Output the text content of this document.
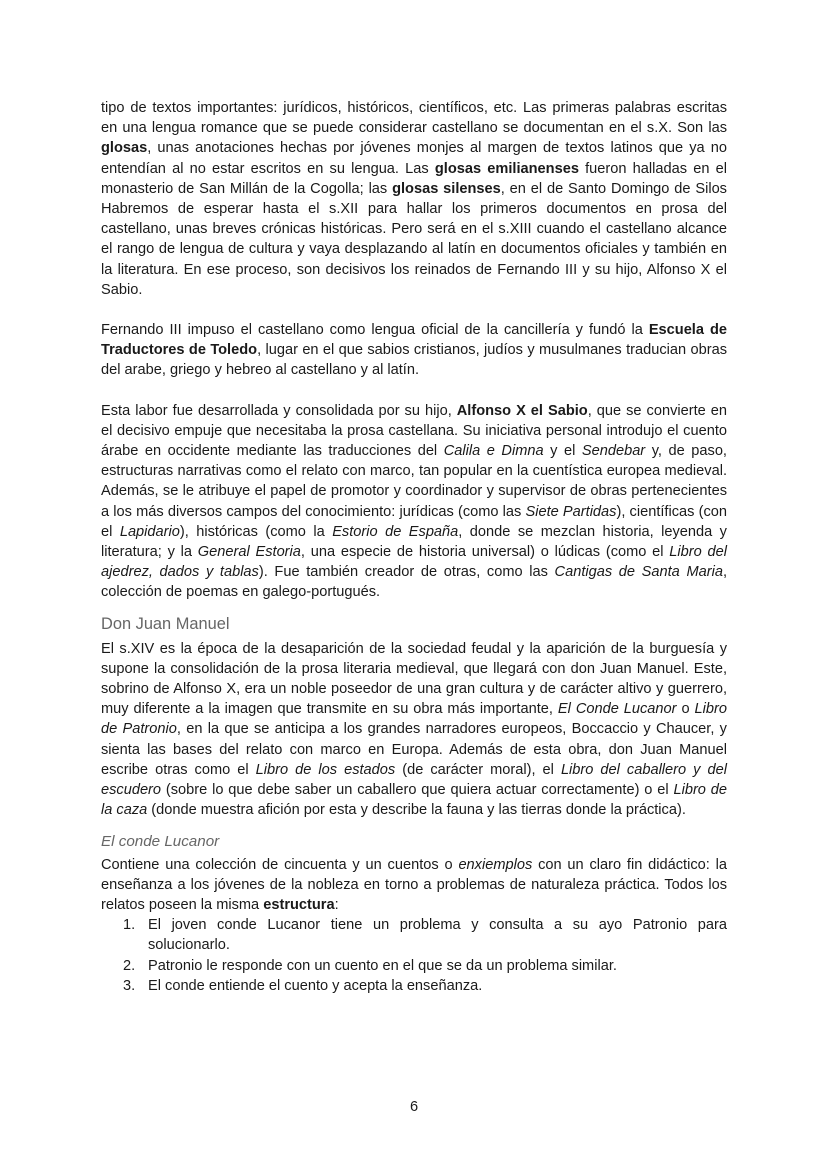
tipo de textos importantes: jurídicos, históricos, científicos, etc. Las primeras palabras escritas en una lengua romance que se puede considerar castellano se documentan en el s.X. Son las glosas, unas anotaciones hechas por jóvenes monjes al margen de textos latinos que ya no entendían al no estar escritos en su lengua. Las glosas emilianenses fueron halladas en el monasterio de San Millán de la Cogolla; las glosas silenses, en el de Santo Domingo de Silos Habremos de esperar hasta el s.XII para hallar los primeros documentos en prosa del castellano, unas breves crónicas históricas. Pero será en el s.XIII cuando el castellano alcance el rango de lengua de cultura y vaya desplazando al latín en documentos oficiales y también en la literatura. En ese proceso, son decisivos los reinados de Fernando III y su hijo, Alfonso X el Sabio.

Fernando III impuso el castellano como lengua oficial de la cancillería y fundó la Escuela de Traductores de Toledo, lugar en el que sabios cristianos, judíos y musulmanes traducian obras del arabe, griego y hebreo al castellano y al latín.

Esta labor fue desarrollada y consolidada por su hijo, Alfonso X el Sabio, que se convierte en el decisivo empuje que necesitaba la prosa castellana. Su iniciativa personal introdujo el cuento árabe en occidente mediante las traducciones del Calila e Dimna y el Sendebar y, de paso, estructuras narrativas como el relato con marco, tan popular en la cuentística europea medieval. Además, se le atribuye el papel de promotor y coordinador y supervisor de obras pertenecientes a los más diversos campos del conocimiento: jurídicas (como las Siete Partidas), científicas (con el Lapidario), históricas (como la Estorio de España, donde se mezclan historia, leyenda y literatura; y la General Estoria, una especie de historia universal) o lúdicas (como el Libro del ajedrez, dados y tablas). Fue también creador de otras, como las Cantigas de Santa Maria, colección de poemas en galego-portugués.

Don Juan Manuel

El s.XIV es la época de la desaparición de la sociedad feudal y la aparición de la burguesía y supone la consolidación de la prosa literaria medieval, que llegará con don Juan Manuel. Este, sobrino de Alfonso X, era un noble poseedor de una gran cultura y de carácter altivo y guerrero, muy diferente a la imagen que transmite en su obra más importante, El Conde Lucanor o Libro de Patronio, en la que se anticipa a los grandes narradores europeos, Boccaccio y Chaucer, y sienta las bases del relato con marco en Europa. Además de esta obra, don Juan Manuel escribe otras como el Libro de los estados (de carácter moral), el Libro del caballero y del escudero (sobre lo que debe saber un caballero que quiera actuar correctamente) o el Libro de la caza (donde muestra afición por esta y describe la fauna y las tierras donde la práctica).

El conde Lucanor

Contiene una colección de cincuenta y un cuentos o enxiemplos con un claro fin didáctico: la enseñanza a los jóvenes de la nobleza en torno a problemas de naturaleza práctica. Todos los relatos poseen la misma estructura:

1. El joven conde Lucanor tiene un problema y consulta a su ayo Patronio para solucionarlo.
2. Patronio le responde con un cuento en el que se da un problema similar.
3. El conde entiende el cuento y acepta la enseñanza.
6
